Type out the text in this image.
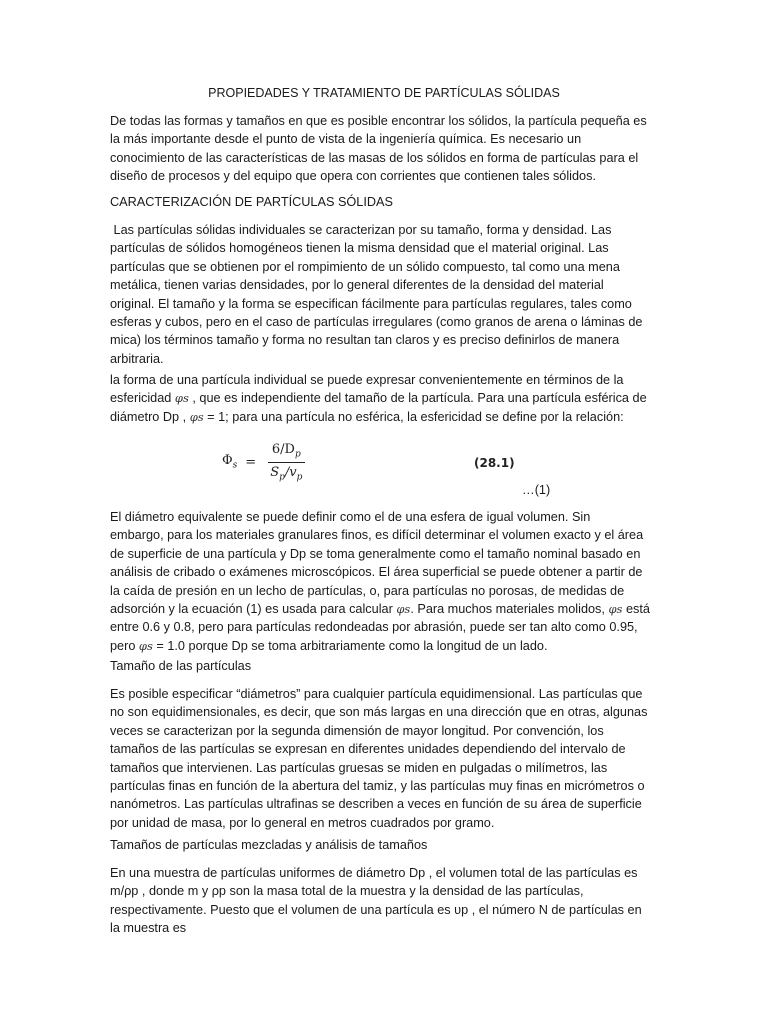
PROPIEDADES Y TRATAMIENTO DE PARTÍCULAS SÓLIDAS

De todas las formas y tamaños en que es posible encontrar los sólidos, la partícula pequeña es
la más importante desde el punto de vista de la ingeniería química. Es necesario un
conocimiento de las características de las masas de los sólidos en forma de partículas para el
diseño de procesos y del equipo que opera con corrientes que contienen tales sólidos.

CARACTERIZACIÓN DE PARTÍCULAS SÓLIDAS

Las partículas sólidas individuales se caracterizan por su tamaño, forma y densidad. Las
partículas de sólidos homogéneos tienen la misma densidad que el material original. Las
partículas que se obtienen por el rompimiento de un sólido compuesto, tal como una mena
metálica, tienen varias densidades, por lo general diferentes de la densidad del material
original. El tamaño y la forma se especifican fácilmente para partículas regulares, tales como
esferas y cubos, pero en el caso de partículas irregulares (como granos de arena o láminas de
mica) los términos tamaño y forma no resultan tan claros y es preciso definirlos de manera
arbitraria.

la forma de una partícula individual se puede expresar convenientemente en términos de la
esfericidad φs , que es independiente del tamaño de la partícula. Para una partícula esférica de
diámetro Dp , φs = 1; para una partícula no esférica, la esfericidad se define por la relación:

$\Phi_s = \frac{6/D_p}{S_p/v_p}$	(28.1)
…(1)

El diámetro equivalente se puede definir como el de una esfera de igual volumen. Sin
embargo, para los materiales granulares finos, es difícil determinar el volumen exacto y el área
de superficie de una partícula y Dp se toma generalmente como el tamaño nominal basado en
análisis de cribado o exámenes microscópicos. El área superficial se puede obtener a partir de
la caída de presión en un lecho de partículas, o, para partículas no porosas, de medidas de
adsorción y la ecuación (1) es usada para calcular φs. Para muchos materiales molidos, φs está
entre 0.6 y 0.8, pero para partículas redondeadas por abrasión, puede ser tan alto como 0.95,
pero φs = 1.0 porque Dp se toma arbitrariamente como la longitud de un lado.

Tamaño de las partículas

Es posible especificar “diámetros” para cualquier partícula equidimensional. Las partículas que
no son equidimensionales, es decir, que son más largas en una dirección que en otras, algunas
veces se caracterizan por la segunda dimensión de mayor longitud. Por convención, los
tamaños de las partículas se expresan en diferentes unidades dependiendo del intervalo de
tamaños que intervienen. Las partículas gruesas se miden en pulgadas o milímetros, las
partículas finas en función de la abertura del tamiz, y las partículas muy finas en micrómetros o
nanómetros. Las partículas ultrafinas se describen a veces en función de su área de superficie
por unidad de masa, por lo general en metros cuadrados por gramo.

Tamaños de partículas mezcladas y análisis de tamaños

En una muestra de partículas uniformes de diámetro Dp , el volumen total de las partículas es
m/ρp , donde m y ρp son la masa total de la muestra y la densidad de las partículas,
respectivamente. Puesto que el volumen de una partícula es υp , el número N de partículas en
la muestra es
